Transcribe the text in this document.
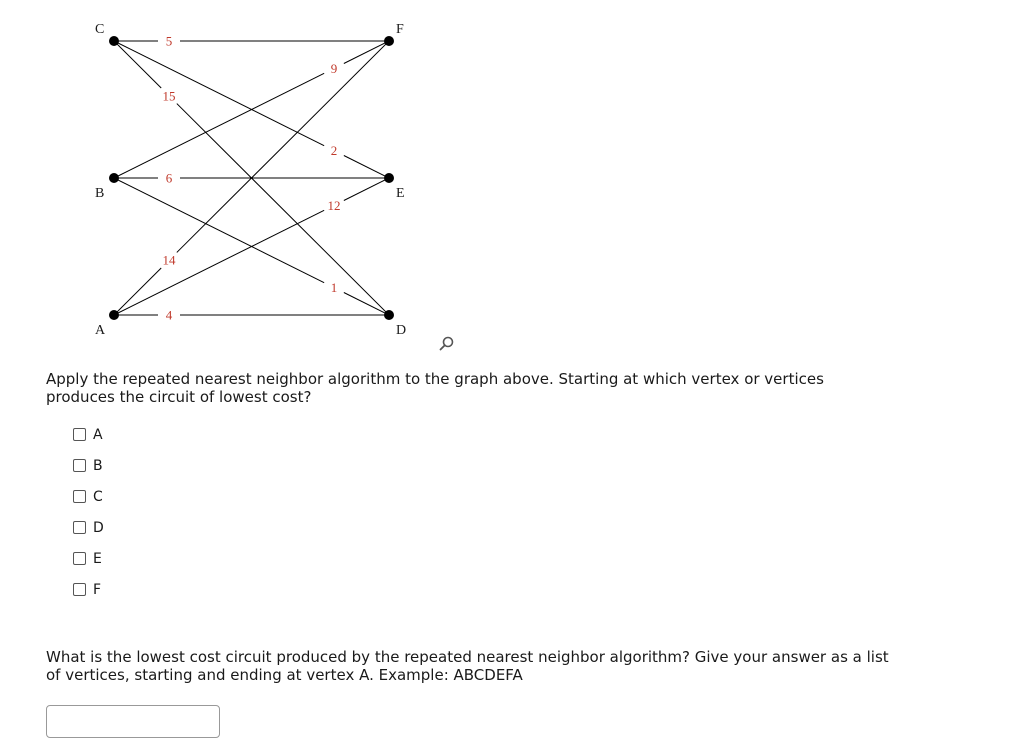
5
2
15
9
6
1
14
12
4
C	F
B	E
A	D
Apply the repeated nearest neighbor algorithm to the graph above. Starting at which vertex or vertices produces the circuit of lowest cost?
A
B
C
D
E
F
What is the lowest cost circuit produced by the repeated nearest neighbor algorithm? Give your answer as a list of vertices, starting and ending at vertex A. Example: ABCDEFA
